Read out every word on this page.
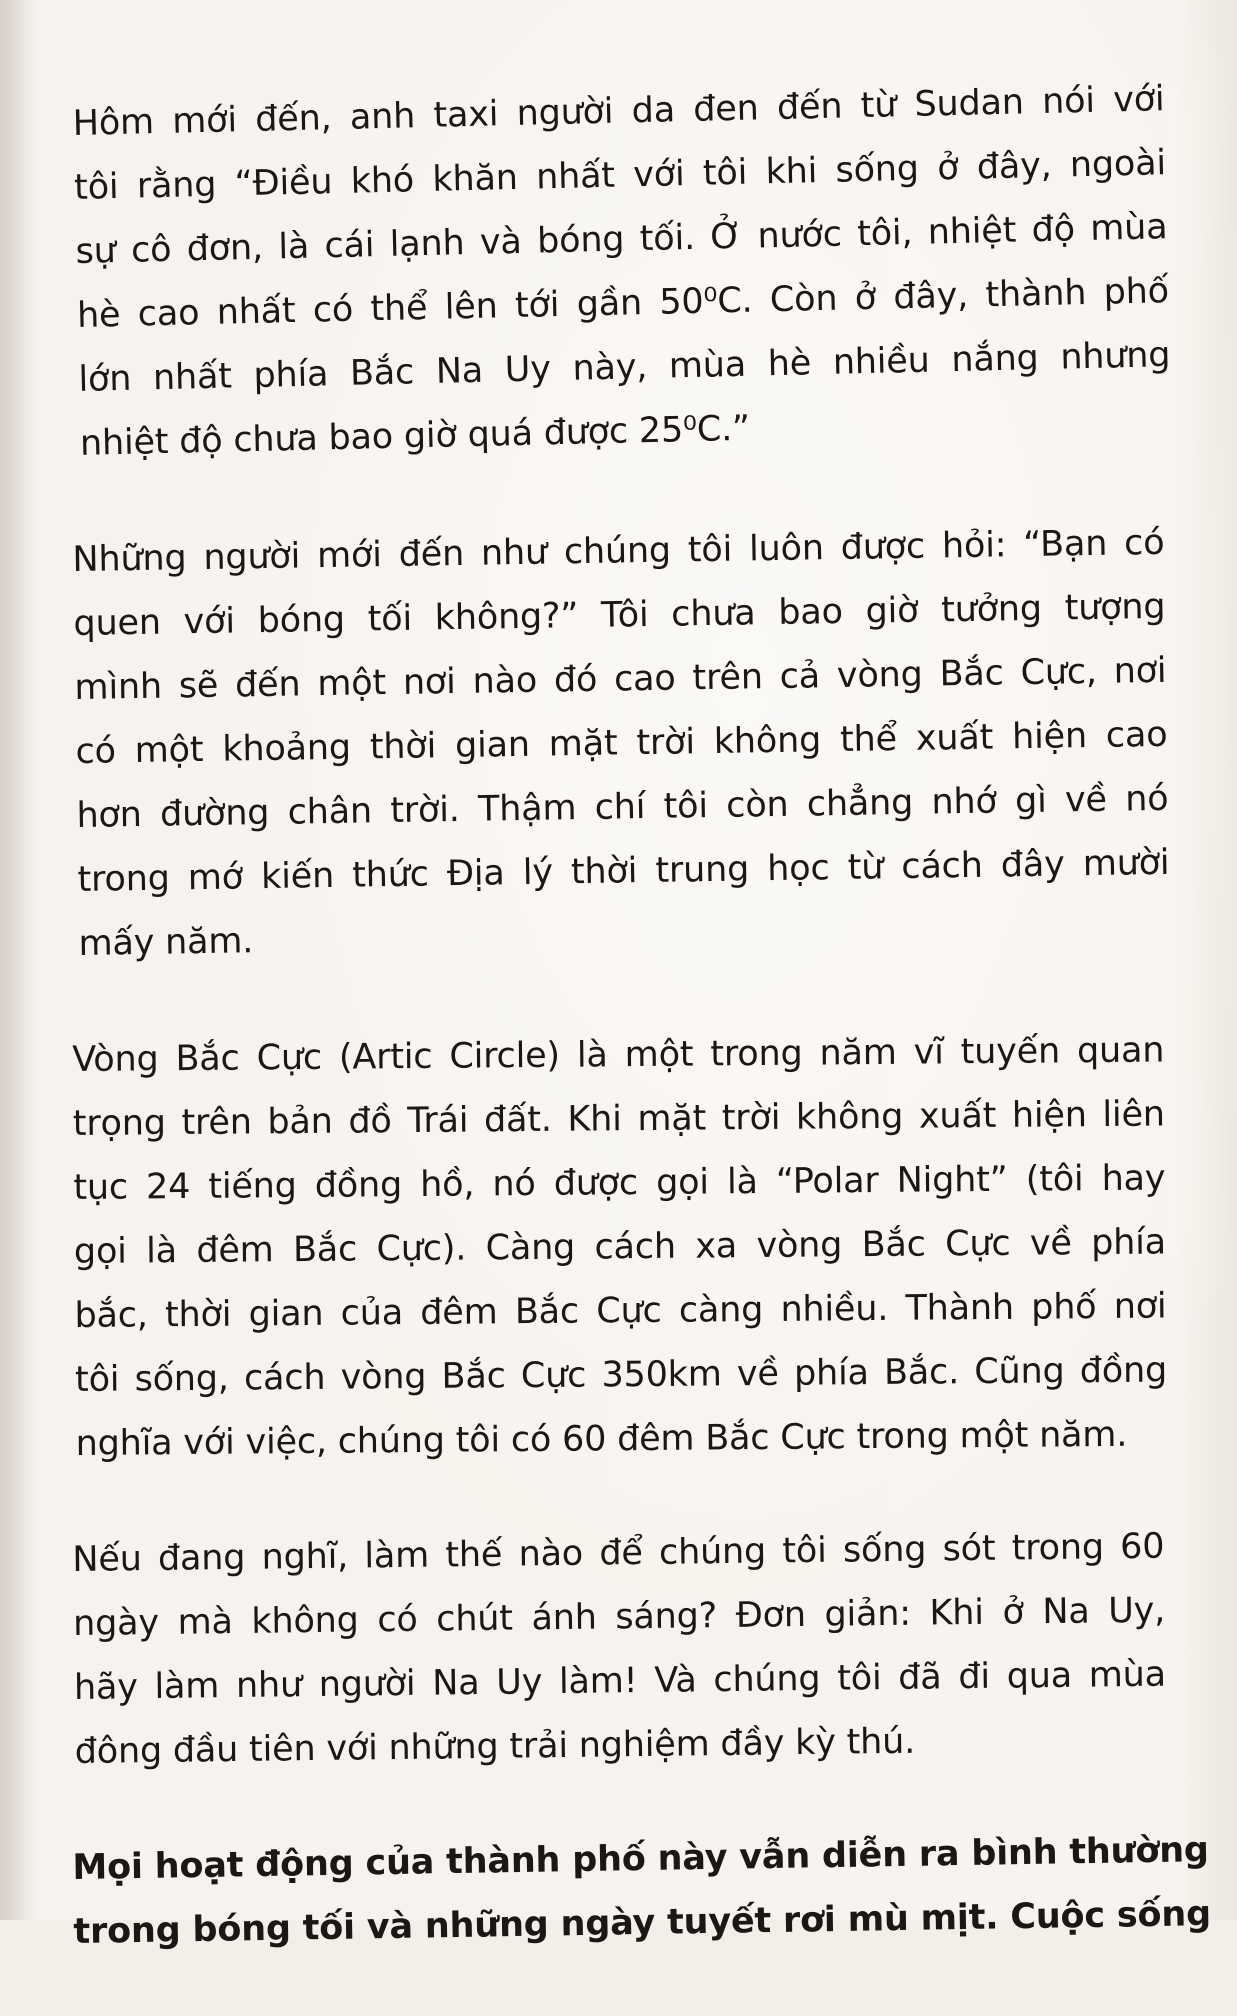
Hôm mới đến, anh taxi người da đen đến từ Sudan nói với
tôi rằng “Điều khó khăn nhất với tôi khi sống ở đây, ngoài
sự cô đơn, là cái lạnh và bóng tối. Ở nước tôi, nhiệt độ mùa
hè cao nhất có thể lên tới gần 50⁰C. Còn ở đây, thành phố
lớn nhất phía Bắc Na Uy này, mùa hè nhiều nắng nhưng
nhiệt độ chưa bao giờ quá được 25⁰C.”
Những người mới đến như chúng tôi luôn được hỏi: “Bạn có
quen với bóng tối không?” Tôi chưa bao giờ tưởng tượng
mình sẽ đến một nơi nào đó cao trên cả vòng Bắc Cực, nơi
có một khoảng thời gian mặt trời không thể xuất hiện cao
hơn đường chân trời. Thậm chí tôi còn chẳng nhớ gì về nó
trong mớ kiến thức Địa lý thời trung học từ cách đây mười
mấy năm.
Vòng Bắc Cực (Artic Circle) là một trong năm vĩ tuyến quan
trọng trên bản đồ Trái đất. Khi mặt trời không xuất hiện liên
tục 24 tiếng đồng hồ, nó được gọi là “Polar Night” (tôi hay
gọi là đêm Bắc Cực). Càng cách xa vòng Bắc Cực về phía
bắc, thời gian của đêm Bắc Cực càng nhiều. Thành phố nơi
tôi sống, cách vòng Bắc Cực 350km về phía Bắc. Cũng đồng
nghĩa với việc, chúng tôi có 60 đêm Bắc Cực trong một năm.
Nếu đang nghĩ, làm thế nào để chúng tôi sống sót trong 60
ngày mà không có chút ánh sáng? Đơn giản: Khi ở Na Uy,
hãy làm như người Na Uy làm! Và chúng tôi đã đi qua mùa
đông đầu tiên với những trải nghiệm đầy kỳ thú.
Mọi hoạt động của thành phố này vẫn diễn ra bình thường
trong bóng tối và những ngày tuyết rơi mù mịt. Cuộc sống
